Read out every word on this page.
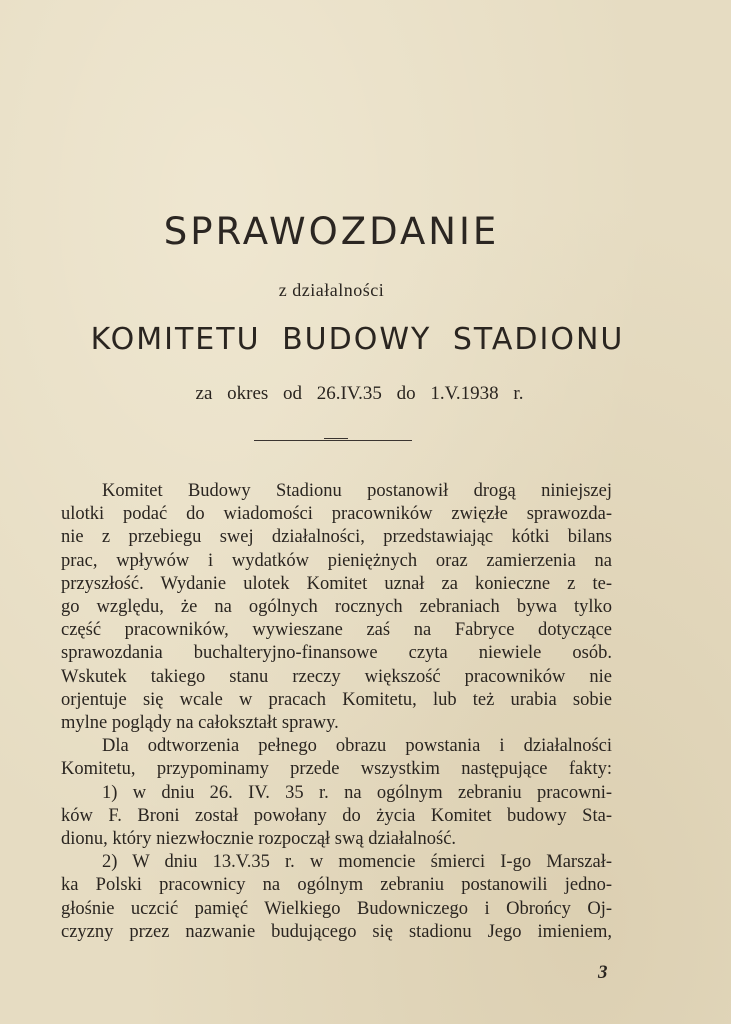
SPRAWOZDANIE
z działalności
KOMITETU BUDOWY STADIONU
za okres od 26.IV.35 do 1.V.1938 r.
Komitet Budowy Stadionu postanowił drogą niniejszej
ulotki podać do wiadomości pracowników zwięzłe sprawozda-
nie z przebiegu swej działalności, przedstawiając kótki bilans
prac, wpływów i wydatków pieniężnych oraz zamierzenia na
przyszłość. Wydanie ulotek Komitet uznał za konieczne z te-
go względu, że na ogólnych rocznych zebraniach bywa tylko
część pracowników, wywieszane zaś na Fabryce dotyczące
sprawozdania buchalteryjno-finansowe czyta niewiele osób.
Wskutek takiego stanu rzeczy większość pracowników nie
orjentuje się wcale w pracach Komitetu, lub też urabia sobie
mylne poglądy na całokształt sprawy.
Dla odtworzenia pełnego obrazu powstania i działalności
Komitetu, przypominamy przede wszystkim następujące fakty:
1) w dniu 26. IV. 35 r. na ogólnym zebraniu pracowni-
ków F. Broni został powołany do życia Komitet budowy Sta-
dionu, który niezwłocznie rozpoczął swą działalność.
2) W dniu 13.V.35 r. w momencie śmierci I-go Marszał-
ka Polski pracownicy na ogólnym zebraniu postanowili jedno-
głośnie uczcić pamięć Wielkiego Budowniczego i Obrońcy Oj-
czyzny przez nazwanie budującego się stadionu Jego imieniem,
3
